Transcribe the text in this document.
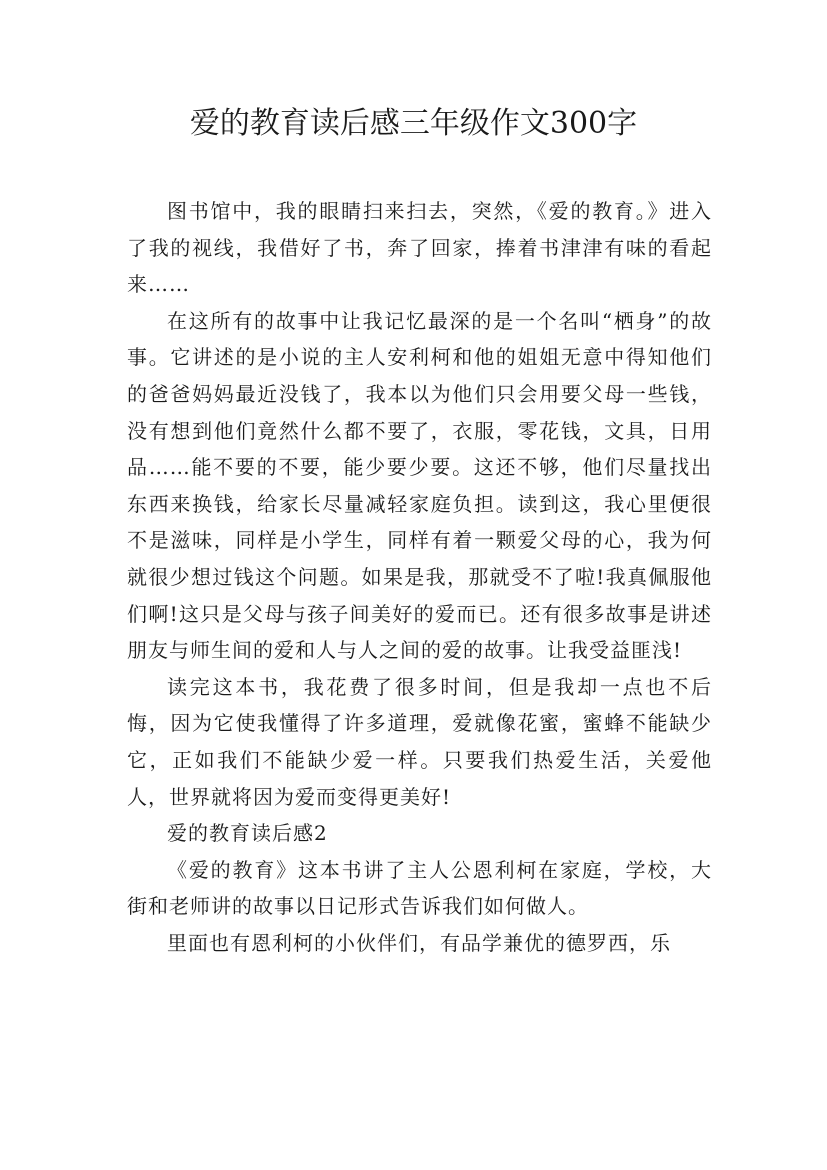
爱的教育读后感三年级作文300字

图书馆中，我的眼睛扫来扫去，突然，《爱的教育。》进入了我的视线，我借好了书，奔了回家，捧着书津津有味的看起来……

在这所有的故事中让我记忆最深的是一个名叫“栖身”的故事。它讲述的是小说的主人安利柯和他的姐姐无意中得知他们的爸爸妈妈最近没钱了，我本以为他们只会用要父母一些钱，没有想到他们竟然什么都不要了，衣服，零花钱，文具，日用品……能不要的不要，能少要少要。这还不够，他们尽量找出东西来换钱，给家长尽量减轻家庭负担。读到这，我心里便很不是滋味，同样是小学生，同样有着一颗爱父母的心，我为何就很少想过钱这个问题。如果是我，那就受不了啦!我真佩服他们啊!这只是父母与孩子间美好的爱而已。还有很多故事是讲述朋友与师生间的爱和人与人之间的爱的故事。让我受益匪浅!

读完这本书，我花费了很多时间，但是我却一点也不后悔，因为它使我懂得了许多道理，爱就像花蜜，蜜蜂不能缺少它，正如我们不能缺少爱一样。只要我们热爱生活，关爱他人，世界就将因为爱而变得更美好!

爱的教育读后感2

《爱的教育》这本书讲了主人公恩利柯在家庭，学校，大街和老师讲的故事以日记形式告诉我们如何做人。

里面也有恩利柯的小伙伴们，有品学兼优的德罗西，乐
